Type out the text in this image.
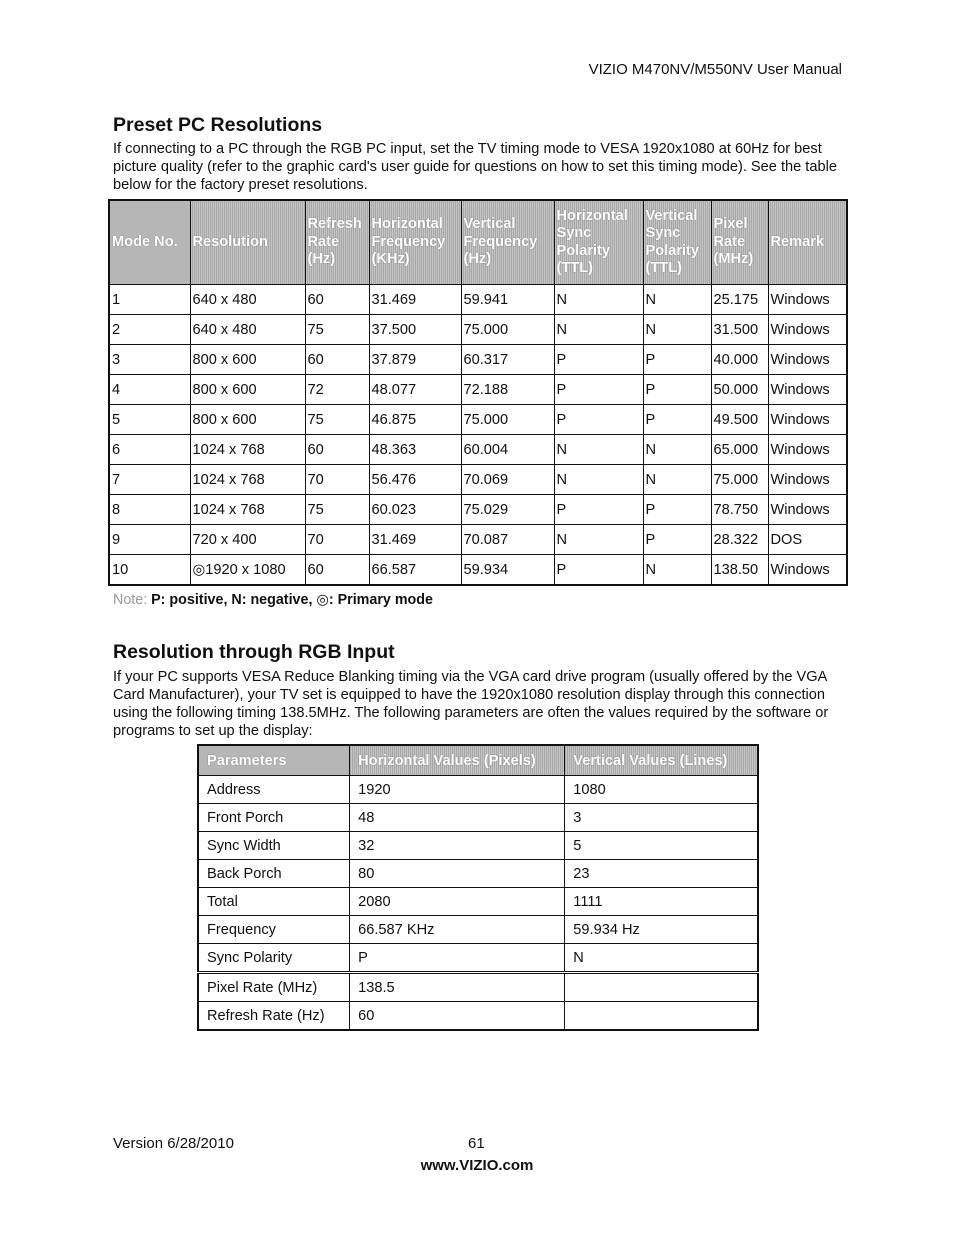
VIZIO M470NV/M550NV User Manual
Preset PC Resolutions

If connecting to a PC through the RGB PC input, set the TV timing mode to VESA 1920x1080 at 60Hz for best picture quality (refer to the graphic card's user guide for questions on how to set this timing mode). See the table below for the factory preset resolutions.

Mode No.	Resolution	Refresh Rate (Hz)	Horizontal Frequency (KHz)	Vertical Frequency (Hz)	Horizontal Sync Polarity (TTL)	Vertical Sync Polarity (TTL)	Pixel Rate (MHz)	Remark
1	640 x 480	60	31.469	59.941	N	N	25.175	Windows
2	640 x 480	75	37.500	75.000	N	N	31.500	Windows
3	800 x 600	60	37.879	60.317	P	P	40.000	Windows
4	800 x 600	72	48.077	72.188	P	P	50.000	Windows
5	800 x 600	75	46.875	75.000	P	P	49.500	Windows
6	1024 x 768	60	48.363	60.004	N	N	65.000	Windows
7	1024 x 768	70	56.476	70.069	N	N	75.000	Windows
8	1024 x 768	75	60.023	75.029	P	P	78.750	Windows
9	720 x 400	70	31.469	70.087	N	P	28.322	DOS
10	◎1920 x 1080	60	66.587	59.934	P	N	138.50	Windows
Note: P: positive, N: negative, ◎: Primary mode
Resolution through RGB Input

If your PC supports VESA Reduce Blanking timing via the VGA card drive program (usually offered by the VGA Card Manufacturer), your TV set is equipped to have the 1920x1080 resolution display through this connection using the following timing 138.5MHz. The following parameters are often the values required by the software or programs to set up the display:

Parameters	Horizontal Values (Pixels)	Vertical Values (Lines)
Address	1920	1080
Front Porch	48	3
Sync Width	32	5
Back Porch	80	23
Total	2080	1111
Frequency	66.587 KHz	59.934 Hz
Sync Polarity	P	N
Pixel Rate (MHz)	138.5	
Refresh Rate (Hz)	60	
Version 6/28/2010	61
www.VIZIO.com
